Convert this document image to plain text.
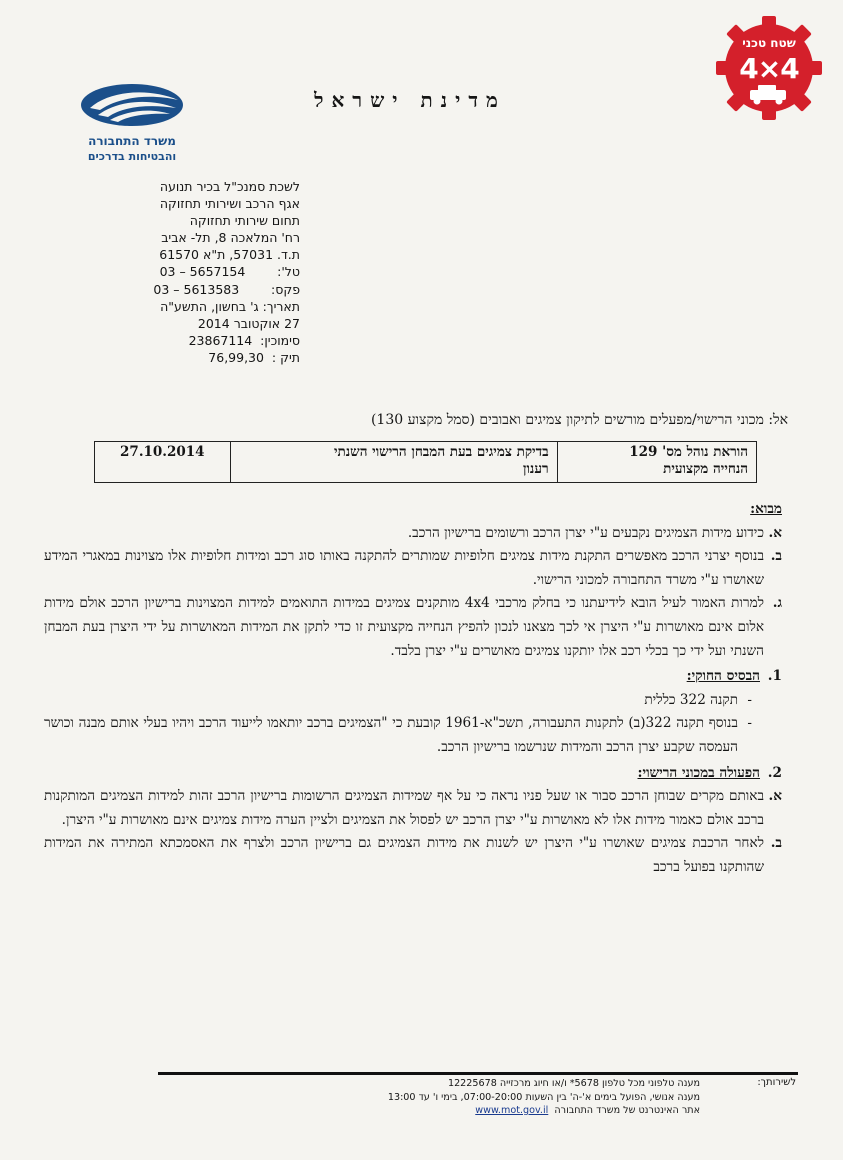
משרד התחבורה
והבטיחות בדרכים
מדינת ישראל
שטח טכני
4×4
לשכת סמנכ"ל בכיר תנועה
אגף הרכב ושירותי תחזוקה
תחום שירותי תחזוקה
רח' המלאכה 8, תל- אביב
ת.ד. 57031, ת"א 61570
טל':        03 – 5657154
פקס:        03 – 5613583
תאריך: ג' בחשון, התשע"ה
27 אוקטובר 2014
סימוכין:  23867114
תיק :  76,99,30
אל: מכוני הרישוי/מפעלים מורשים לתיקון צמיגים ואבובים (סמל מקצוע 130)
הוראת נוהל מס' 129
הנחייה מקצועית
בדיקת צמיגים בעת המבחן הרישוי השנתי
רענון
27.10.2014
מבוא:
א.
כידוע מידות הצמיגים נקבעים ע"י יצרן הרכב ורשומים ברישיון הרכב.
ב.
בנוסף יצרני הרכב מאפשרים התקנת מידות צמיגים חלופיות שמותרים להתקנה באותו סוג רכב ומידות חלופיות אלו מצוינות במאגרי המידע שאושרו ע"י משרד התחבורה למכוני הרישוי.
ג.
למרות האמור לעיל הובא לידיעתנו כי בחלק מרכבי 4x4 מותקנים צמיגים במידות התואמים למידות המצוינות ברישיון הרכב אולם מידות אלום אינם מאושרות ע"י היצרן אי לכך מצאנו לנכון להפיץ הנחייה מקצועית זו כדי לתקן את המידות המאושרות על ידי היצרן בעת המבחן השנתי ועל ידי כך בכלי רכב אלו יותקנו צמיגים מאושרים ע"י יצרן בלבד.
1.
הבסיס החוקי:
-
תקנה 322 כללית
-
בנוסף תקנה 322(ב) לתקנות התעבורה, תשכ"א-1961 קובעת כי "הצמיגים ברכב יותאמו לייעוד הרכב ויהיו בעלי אותם מבנה וכושר העמסה שקבע יצרן הרכב והמידות שנרשמו ברישיון הרכב.
2.
הפעולה במכוני הרישוי:
א.
באותם מקרים שבוחן הרכב סבור או שעל פניו נראה כי על אף שמידות הצמיגים הרשומות ברישיון הרכב זהות למידות הצמיגים המותקנות ברכב אולם כאמור מידות אלו לא מאושרות ע"י יצרן הרכב יש לפסול את הצמיגים ולציין הערה מידות צמיגים אינם מאושרות ע"י היצרן.
ב.
לאחר הרכבת צמיגים שאושרו ע"י היצרן יש לשנות את מידות הצמיגים גם ברישיון הרכב ולצרף את האסמכתא המתירה את המידות שהותקנו בפועל ברכב
לשירותך:
מענה טלפוני מכל טלפון 5678* ו/או חיוג מרכזייה 12225678
מענה אנושי, הפועל בימים א'-ה' בין השעות 07:00-20:00, בימי ו' עד 13:00
אתר האינטרנט של משרד התחבורה  www.mot.gov.il
